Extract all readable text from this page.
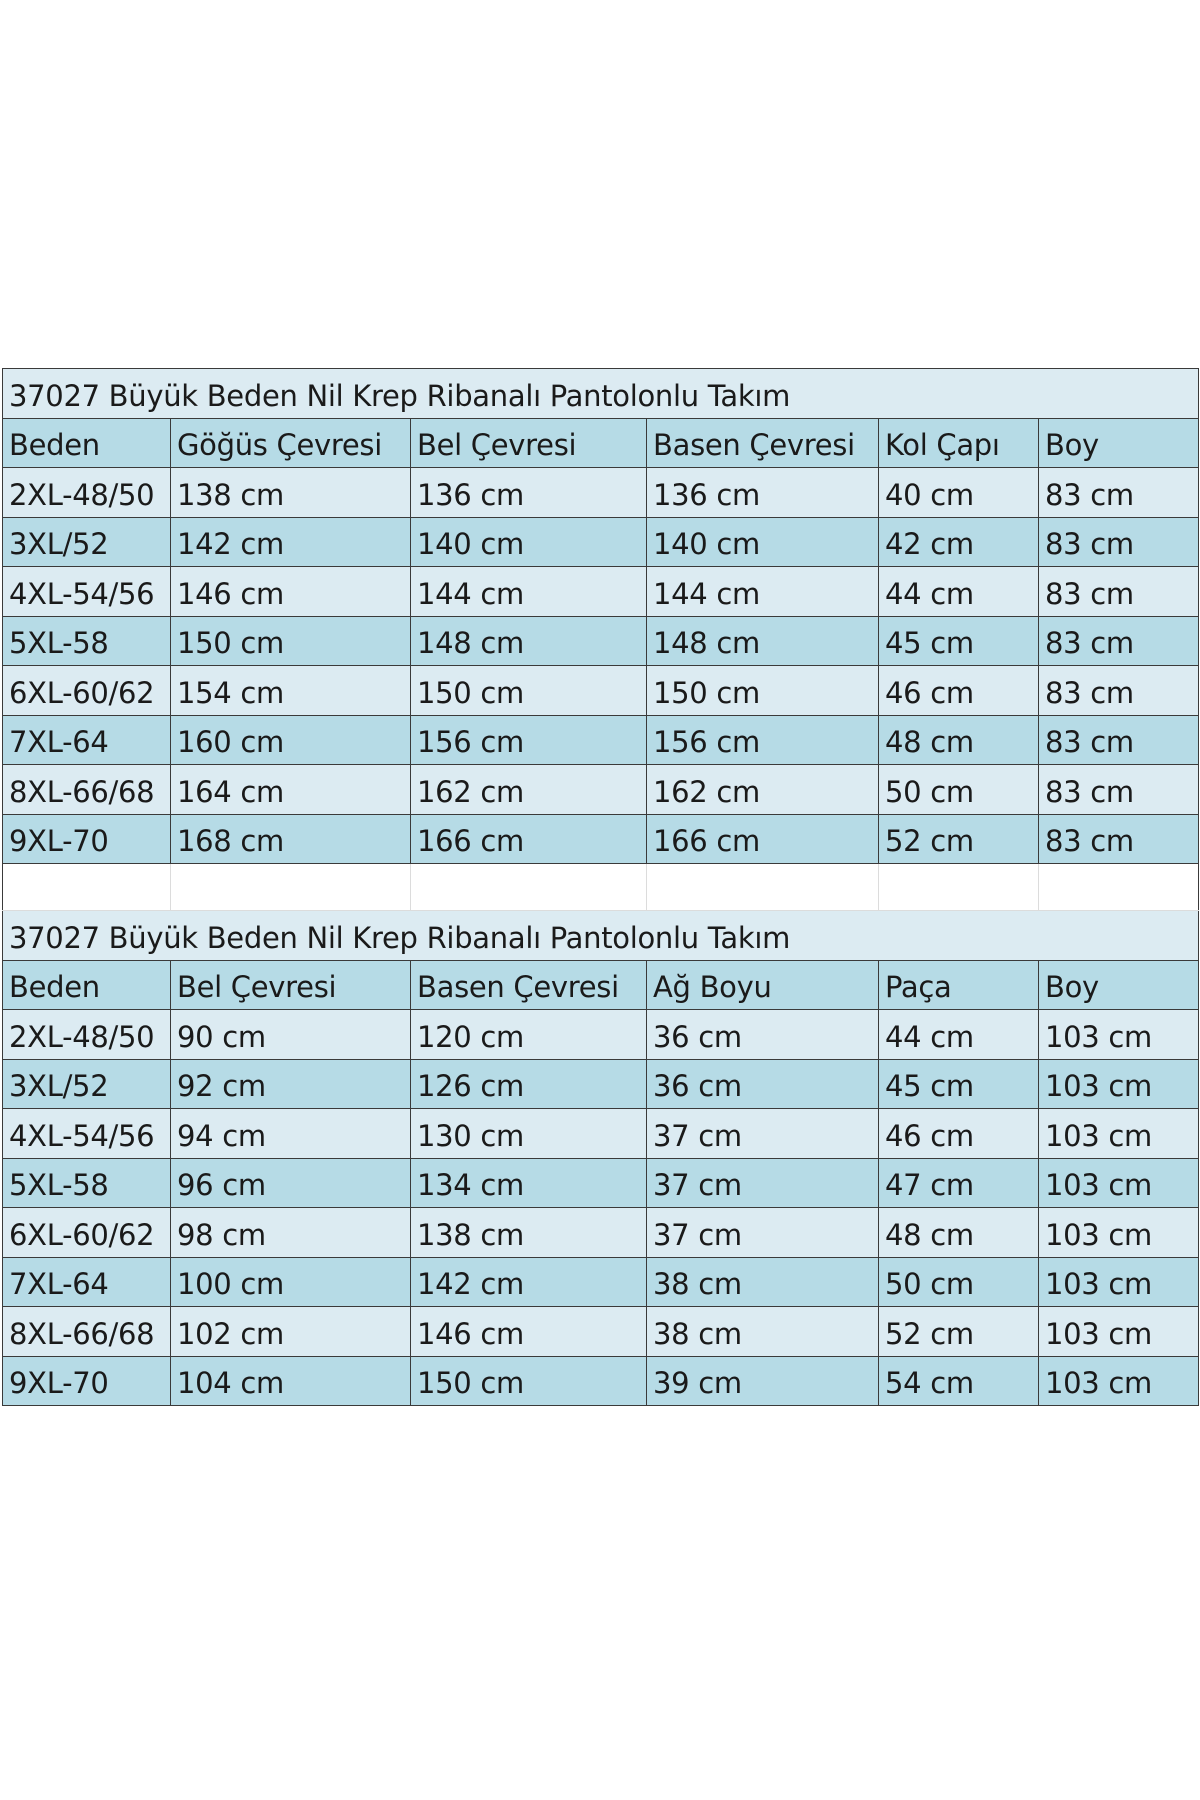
37027 Büyük Beden Nil Krep Ribanalı Pantolonlu Takım					
Beden	Göğüs Çevresi	Bel Çevresi	Basen Çevresi	Kol Çapı	Boy
2XL-48/50	138 cm	136 cm	136 cm	40 cm	83 cm
3XL/52	142 cm	140 cm	140 cm	42 cm	83 cm
4XL-54/56	146 cm	144 cm	144 cm	44 cm	83 cm
5XL-58	150 cm	148 cm	148 cm	45 cm	83 cm
6XL-60/62	154 cm	150 cm	150 cm	46 cm	83 cm
7XL-64	160 cm	156 cm	156 cm	48 cm	83 cm
8XL-66/68	164 cm	162 cm	162 cm	50 cm	83 cm
9XL-70	168 cm	166 cm	166 cm	52 cm	83 cm

37027 Büyük Beden Nil Krep Ribanalı Pantolonlu Takım					
Beden	Bel Çevresi	Basen Çevresi	Ağ Boyu	Paça	Boy
2XL-48/50	90 cm	120 cm	36 cm	44 cm	103 cm
3XL/52	92 cm	126 cm	36 cm	45 cm	103 cm
4XL-54/56	94 cm	130 cm	37 cm	46 cm	103 cm
5XL-58	96 cm	134 cm	37 cm	47 cm	103 cm
6XL-60/62	98 cm	138 cm	37 cm	48 cm	103 cm
7XL-64	100 cm	142 cm	38 cm	50 cm	103 cm
8XL-66/68	102 cm	146 cm	38 cm	52 cm	103 cm
9XL-70	104 cm	150 cm	39 cm	54 cm	103 cm
